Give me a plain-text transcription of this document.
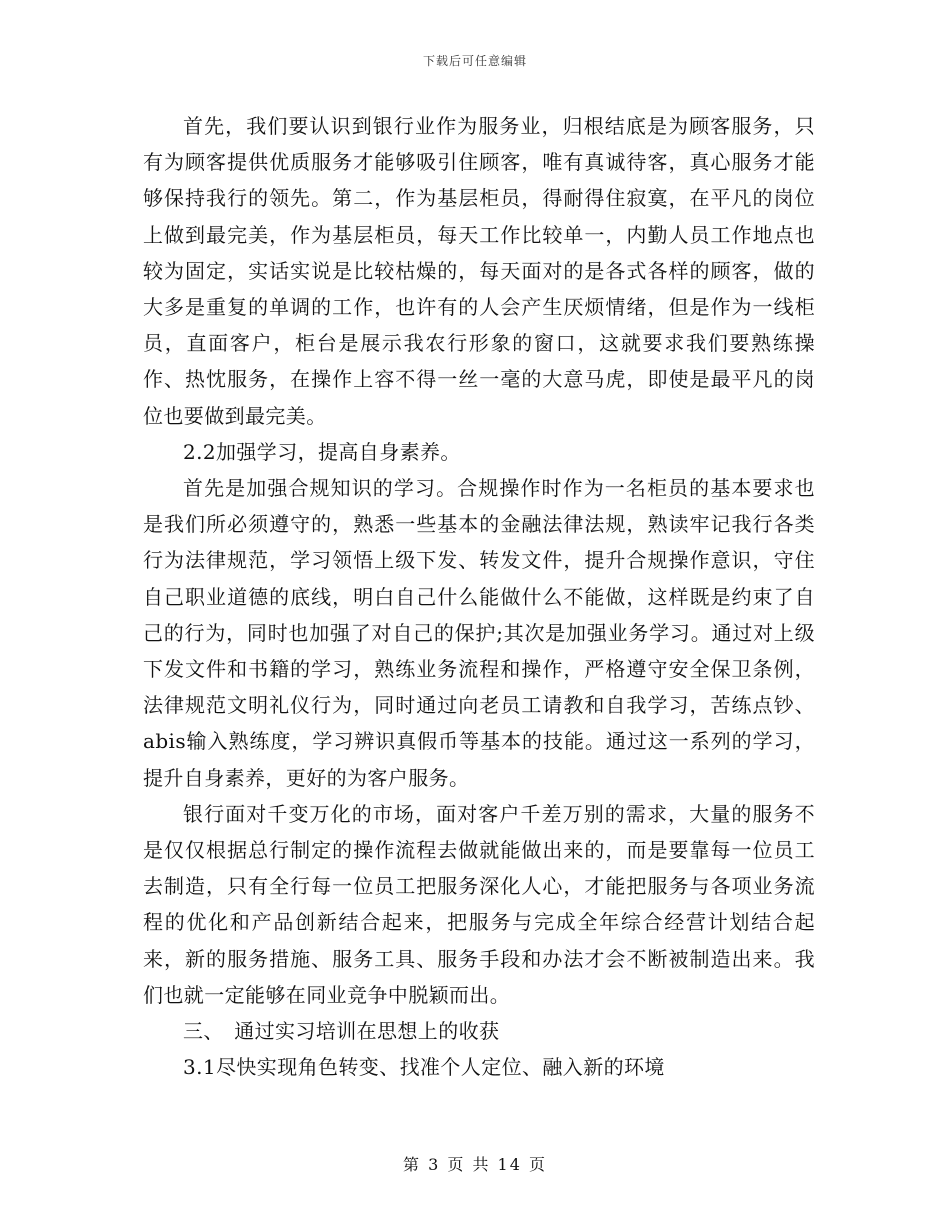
下载后可任意编辑

首先，我们要认识到银行业作为服务业，归根结底是为顾客服务，只有为顾客提供优质服务才能够吸引住顾客，唯有真诚待客，真心服务才能够保持我行的领先。第二，作为基层柜员，得耐得住寂寞，在平凡的岗位上做到最完美，作为基层柜员，每天工作比较单一，内勤人员工作地点也较为固定，实话实说是比较枯燥的，每天面对的是各式各样的顾客，做的大多是重复的单调的工作，也许有的人会产生厌烦情绪，但是作为一线柜员，直面客户，柜台是展示我农行形象的窗口，这就要求我们要熟练操作、热忱服务，在操作上容不得一丝一毫的大意马虎，即使是最平凡的岗位也要做到最完美。

2.2加强学习，提高自身素养。

首先是加强合规知识的学习。合规操作时作为一名柜员的基本要求也是我们所必须遵守的，熟悉一些基本的金融法律法规，熟读牢记我行各类行为法律规范，学习领悟上级下发、转发文件，提升合规操作意识，守住自己职业道德的底线，明白自己什么能做什么不能做，这样既是约束了自己的行为，同时也加强了对自己的保护;其次是加强业务学习。通过对上级下发文件和书籍的学习，熟练业务流程和操作，严格遵守安全保卫条例，法律规范文明礼仪行为，同时通过向老员工请教和自我学习，苦练点钞、abis输入熟练度，学习辨识真假币等基本的技能。通过这一系列的学习，提升自身素养，更好的为客户服务。

银行面对千变万化的市场，面对客户千差万别的需求，大量的服务不是仅仅根据总行制定的操作流程去做就能做出来的，而是要靠每一位员工去制造，只有全行每一位员工把服务深化人心，才能把服务与各项业务流程的优化和产品创新结合起来，把服务与完成全年综合经营计划结合起来，新的服务措施、服务工具、服务手段和办法才会不断被制造出来。我们也就一定能够在同业竞争中脱颖而出。

三、　通过实习培训在思想上的收获

3.1尽快实现角色转变、找准个人定位、融入新的环境

第 3 页 共 14 页
